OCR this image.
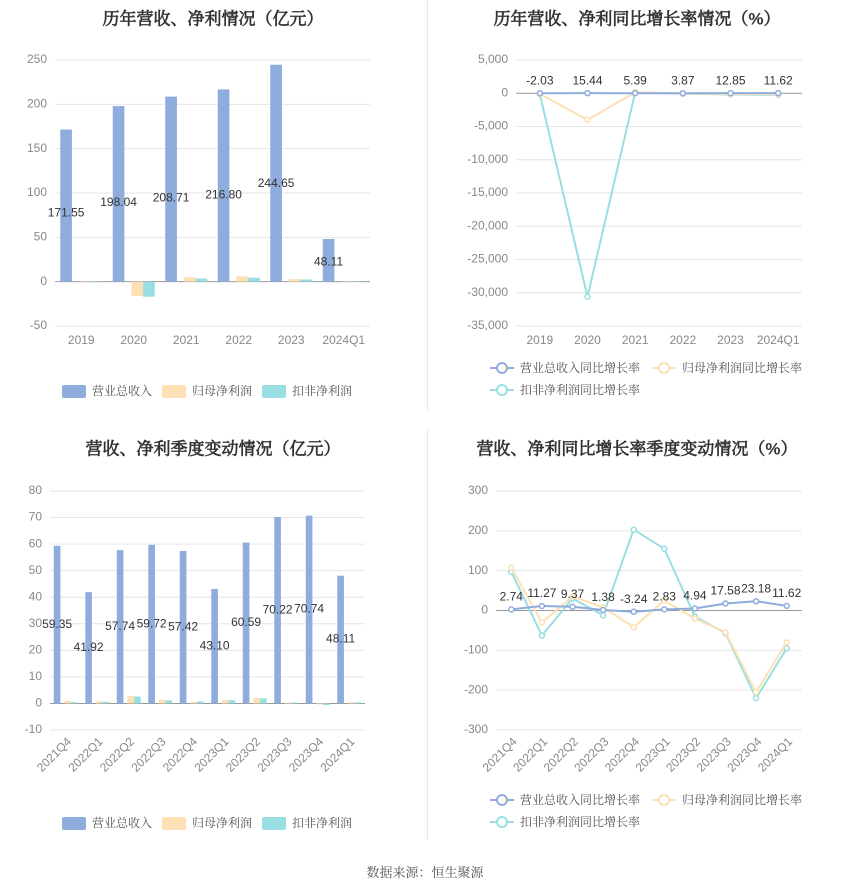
历年营收、净利情况（亿元）
-50
0
50
100
150
200
250
2019 2020 2021 2022 2023 2024Q1
171.55
198.04 208.71 216.80
244.65
48.11
营业总收入	归母净利润	扣非净利润
历年营收、净利同比增长率情况（%）
-35,000
-30,000
-25,000
-20,000
-15,000
-10,000
-5,000
0
5,000
2019 2020 2021 2022 2023 2024Q1
-2.03 15.44 5.39 3.87 12.85 11.62
营业总收入同比增长率	归母净利润同比增长率
扣非净利润同比增长率
营收、净利季度变动情况（亿元）
-10
0
10
20
30
40
50
60
70
80
2021Q4
2022Q1
2022Q2
2022Q3
2022Q4
2023Q1
2023Q2
2023Q3
2023Q4
2024Q1
59.35
41.92
57.74 59.72 57.42
43.10
60.59
70.22 70.74
48.11
营业总收入	归母净利润	扣非净利润
营收、净利同比增长率季度变动情况（%）
-300
-200
-100
0
100
200
300
2021Q4
2022Q1
2022Q2
2022Q3
2022Q4
2023Q1
2023Q2
2023Q3
2023Q4
2024Q1
2.74 11.27 9.37 1.38 -3.24 2.83 4.94 17.58 23.18 11.62
营业总收入同比增长率	归母净利润同比增长率
扣非净利润同比增长率
数据来源：恒生聚源
